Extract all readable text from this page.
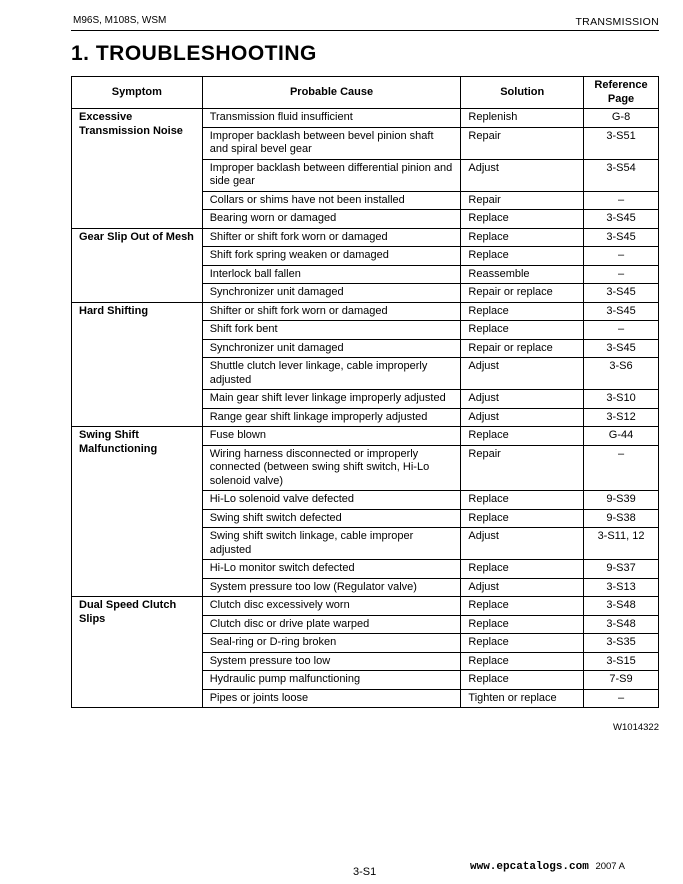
M96S, M108S, WSM	TRANSMISSION
1. TROUBLESHOOTING
Symptom	Probable Cause	Solution	Reference Page
Excessive Transmission Noise	Transmission fluid insufficient	Replenish	G-8
	Improper backlash between bevel pinion shaft and spiral bevel gear	Repair	3-S51
	Improper backlash between differential pinion and side gear	Adjust	3-S54
	Collars or shims have not been installed	Repair	–
	Bearing worn or damaged	Replace	3-S45
Gear Slip Out of Mesh	Shifter or shift fork worn or damaged	Replace	3-S45
	Shift fork spring weaken or damaged	Replace	–
	Interlock ball fallen	Reassemble	–
	Synchronizer unit damaged	Repair or replace	3-S45
Hard Shifting	Shifter or shift fork worn or damaged	Replace	3-S45
	Shift fork bent	Replace	–
	Synchronizer unit damaged	Repair or replace	3-S45
	Shuttle clutch lever linkage, cable improperly adjusted	Adjust	3-S6
	Main gear shift lever linkage improperly adjusted	Adjust	3-S10
	Range gear shift linkage improperly adjusted	Adjust	3-S12
Swing Shift Malfunctioning	Fuse blown	Replace	G-44
	Wiring harness disconnected or improperly connected (between swing shift switch, Hi-Lo solenoid valve)	Repair	–
	Hi-Lo solenoid valve defected	Replace	9-S39
	Swing shift switch defected	Replace	9-S38
	Swing shift switch linkage, cable improper adjusted	Adjust	3-S11, 12
	Hi-Lo monitor switch defected	Replace	9-S37
	System pressure too low (Regulator valve)	Adjust	3-S13
Dual Speed Clutch Slips	Clutch disc excessively worn	Replace	3-S48
	Clutch disc or drive plate warped	Replace	3-S48
	Seal-ring or D-ring broken	Replace	3-S35
	System pressure too low	Replace	3-S15
	Hydraulic pump malfunctioning	Replace	7-S9
	Pipes or joints loose	Tighten or replace	–
W1014322
3-S1	www.epcatalogs.com 2007 A
